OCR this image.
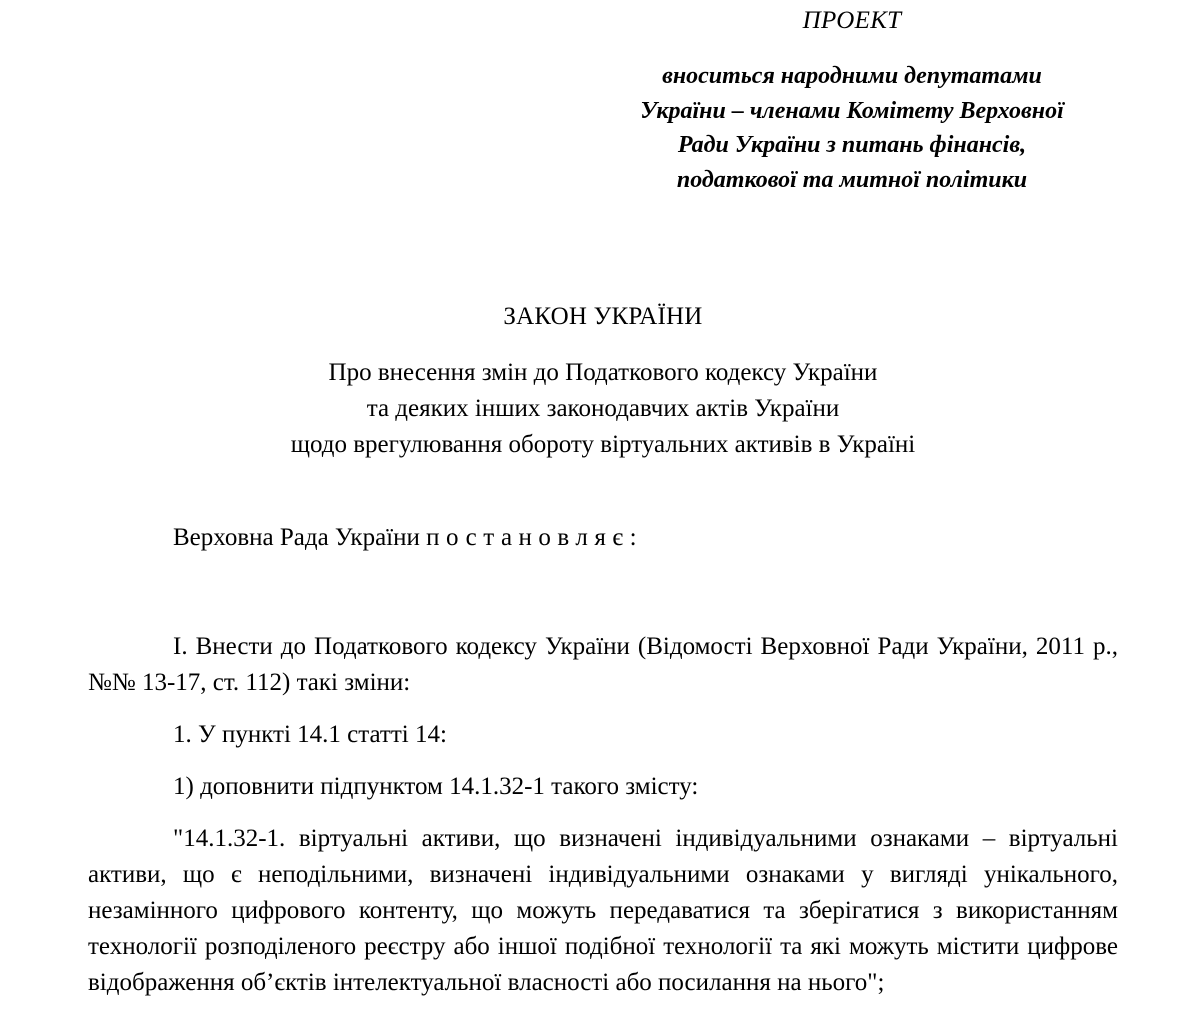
ПРОЕКТ
вноситься народними депутатами
України – членами Комітету Верховної
Ради України з питань фінансів,
податкової та митної політики
ЗАКОН УКРАЇНИ
Про внесення змін до Податкового кодексу України
та деяких інших законодавчих актів України
щодо врегулювання обороту віртуальних активів в Україні

Верховна Рада України постановляє:

І. Внести до Податкового кодексу України (Відомості Верховної Ради України, 2011 р., №№ 13-17, ст. 112) такі зміни:

1. У пункті 14.1 статті 14:

1) доповнити підпунктом 14.1.32-1 такого змісту:

"14.1.32-1. віртуальні активи, що визначені індивідуальними ознаками – віртуальні активи, що є неподільними, визначені індивідуальними ознаками у вигляді унікального, незамінного цифрового контенту, що можуть передаватися та зберігатися з використанням технології розподіленого реєстру або іншої подібної технології та які можуть містити цифрове відображення об’єктів інтелектуальної власності або посилання на нього";
